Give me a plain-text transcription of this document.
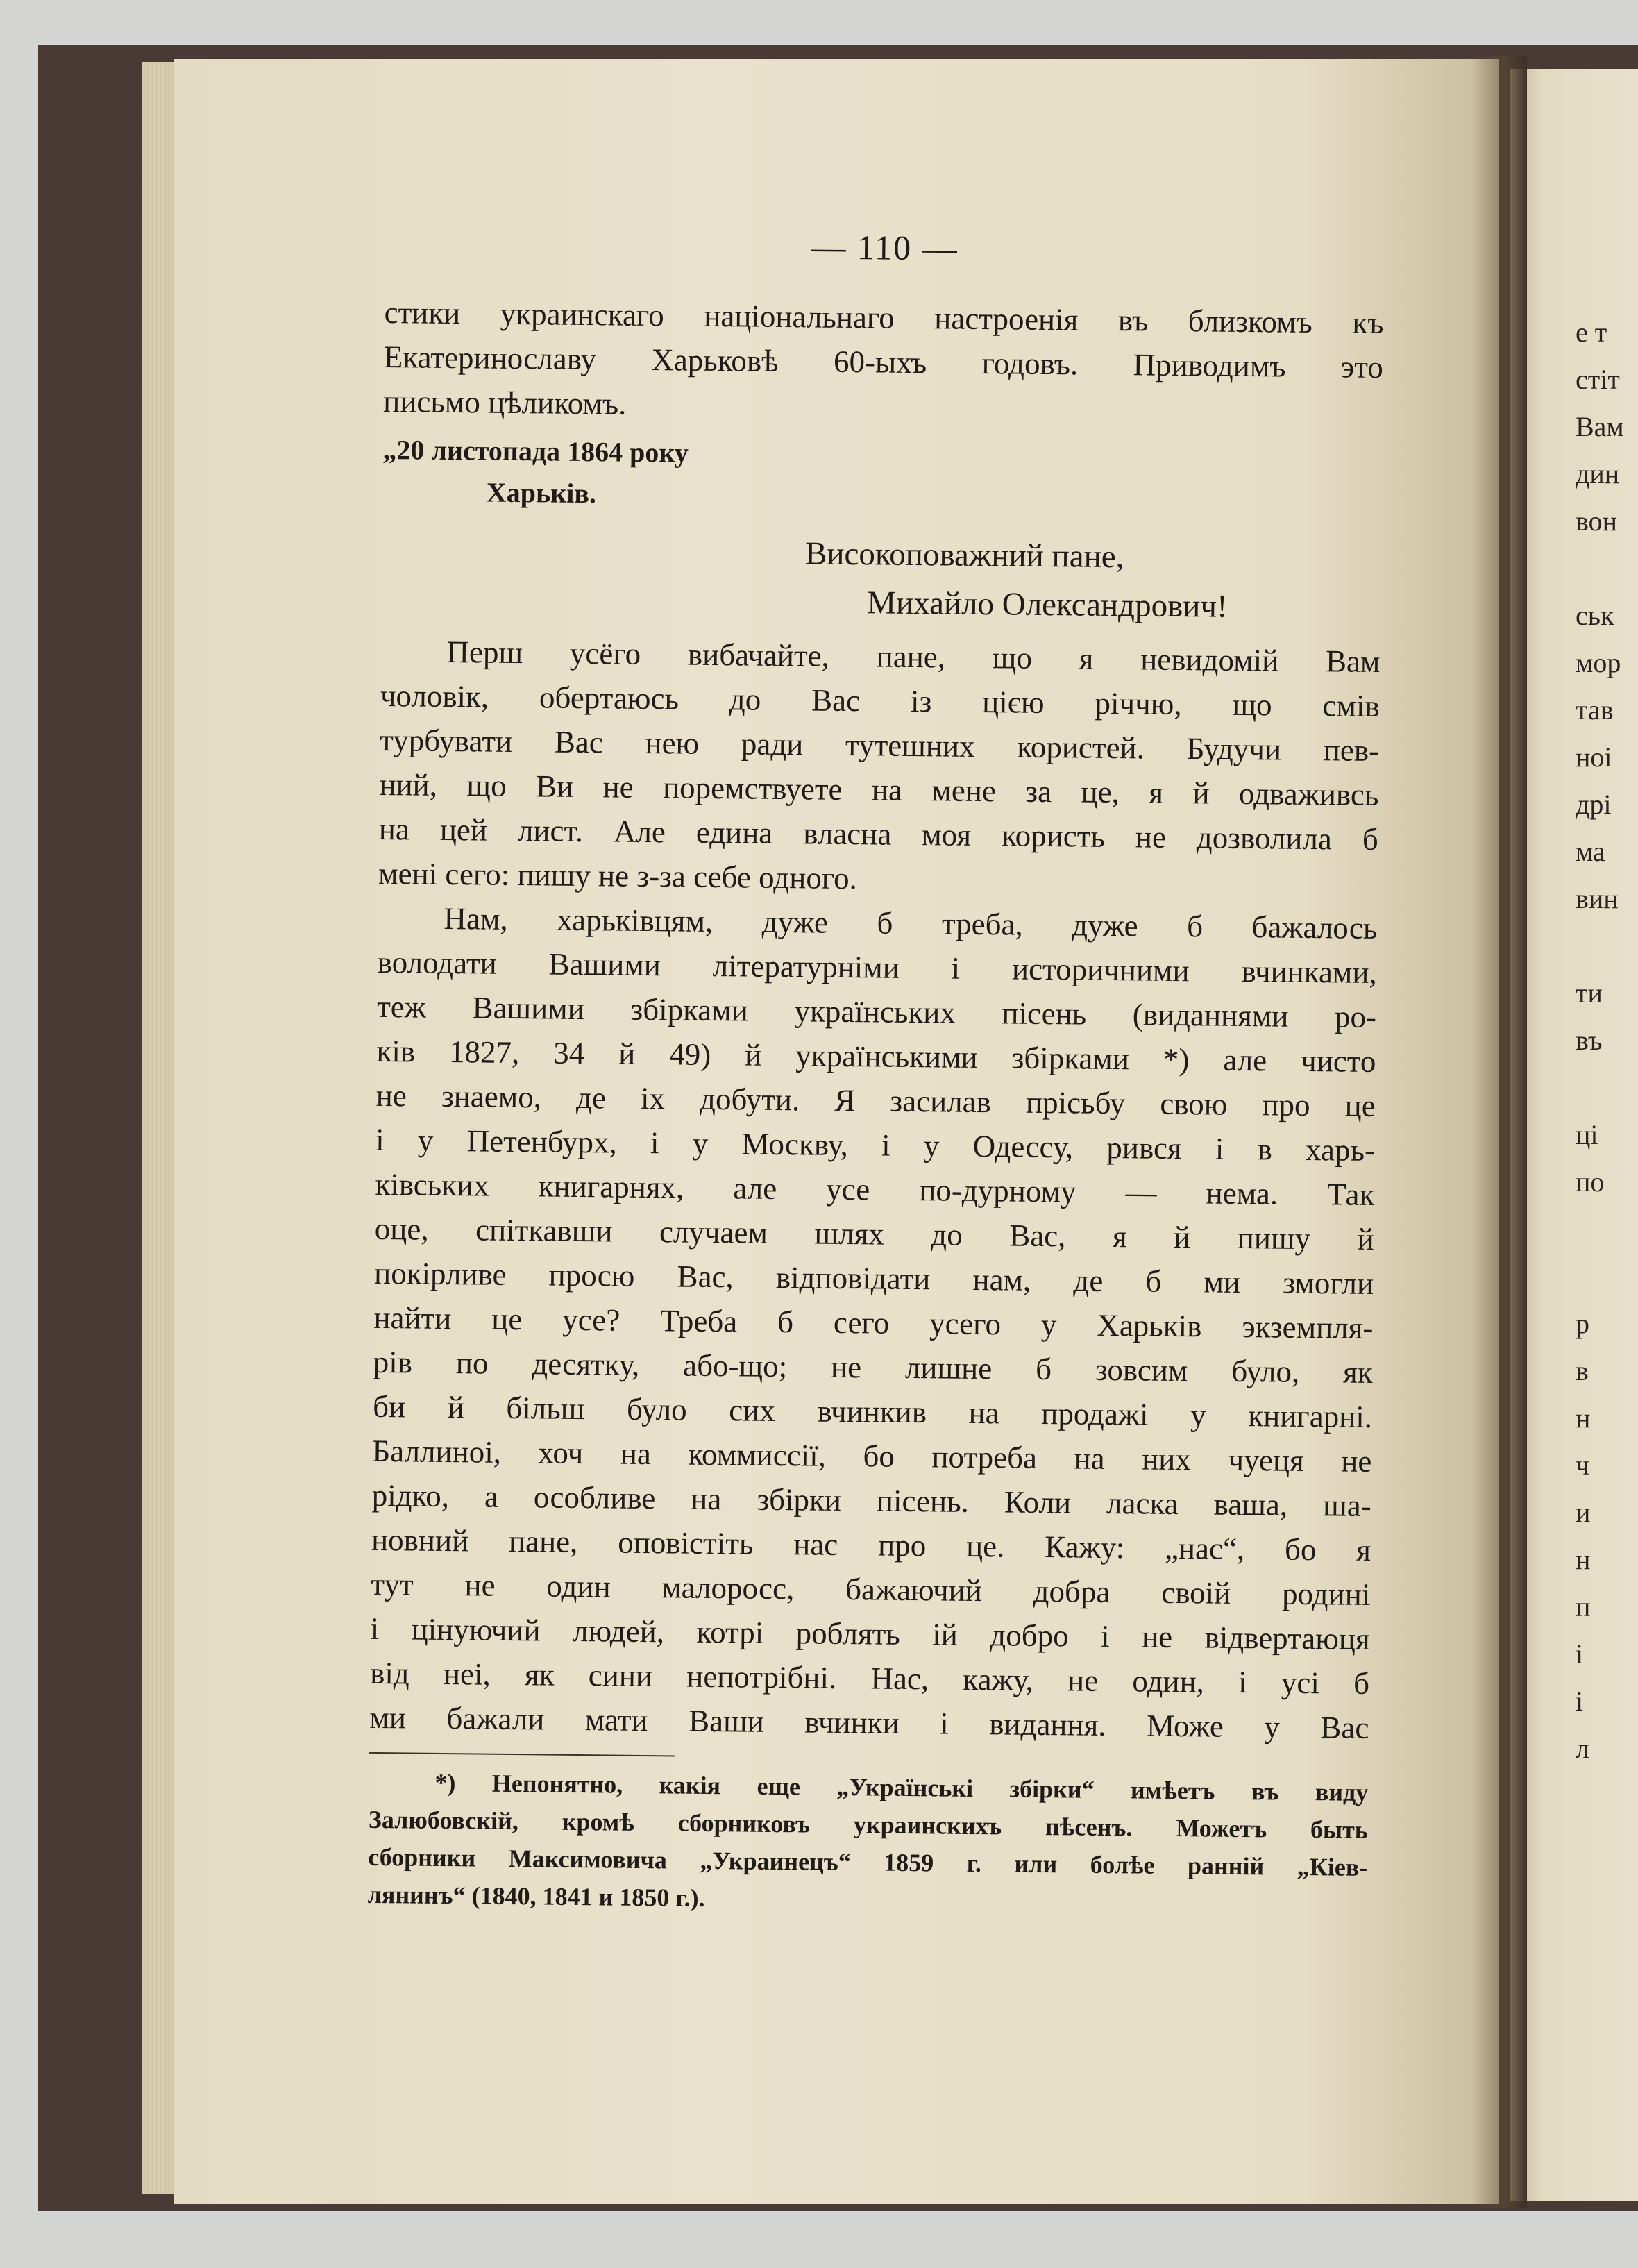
е т
стіт
Вам
дин
вон
ськ
мор
тав
ноі
дрі
ма
вин
ти
въ
ці
по
р
в
н
ч
и
н
п
і
і
л
— 110 —
стики украинскаго національнаго настроенія въ близкомъ къ
Екатеринославу Харьковѣ 60-ыхъ годовъ. Приводимъ это
письмо цѣликомъ.
„20 листопада 1864 року
Харьків.
Високоповажний пане,
Михайло Олександрович!
Перш усёго вибачайте, пане, що я невидомій Вам
чоловік, обертаюсь до Вас із цією річчю, що смів
турбувати Вас нею ради тутешних користей. Будучи пев-
ний, що Ви не поремствуете на мене за це, я й одваживсь
на цей лист. Але едина власна моя користь не дозволила б
мені сего: пишу не з-за себе одного.
Нам, харьківцям, дуже б треба, дуже б бажалось
володати Вашими літературніми і историчними вчинками,
теж Вашими збірками українських пісень (виданнями ро-
ків 1827, 34 й 49) й українськими збірками *) але чисто
не знаемо, де іх добути. Я засилав прісьбу свою про це
і у Петенбурх, і у Москву, і у Одессу, рився і в харь-
ківських книгарнях, але усе по-дурному — нема. Так
оце, спіткавши случаем шлях до Вас, я й пишу й
покірливе просю Вас, відповідати нам, де б ми змогли
найти це усе? Треба б сего усего у Харьків экземпля-
рів по десятку, або-що; не лишне б зовсим було, як
би й більш було сих вчинкив на продажі у книгарні.
Баллиноі, хоч на коммиссії, бо потреба на них чуеця не
рідко, а особливе на збірки пісень. Коли ласка ваша, ша-
новний пане, оповістіть нас про це. Кажу: „нас“, бо я
тут не один малоросс, бажаючий добра своій родині
і цінуючий людей, котрі роблять ій добро і не відвертаюця
від неі, як сини непотрібні. Нас, кажу, не один, і усі б
ми бажали мати Ваши вчинки і видання. Може у Вас
*) Непонятно, какія еще „Українські збірки“ имѣетъ въ виду
Залюбовскій, кромѣ сборниковъ украинскихъ пѣсенъ. Можетъ быть
сборники Максимовича „Украинецъ“ 1859 г. или болѣе ранній „Кіев-
лянинъ“ (1840, 1841 и 1850 г.).
